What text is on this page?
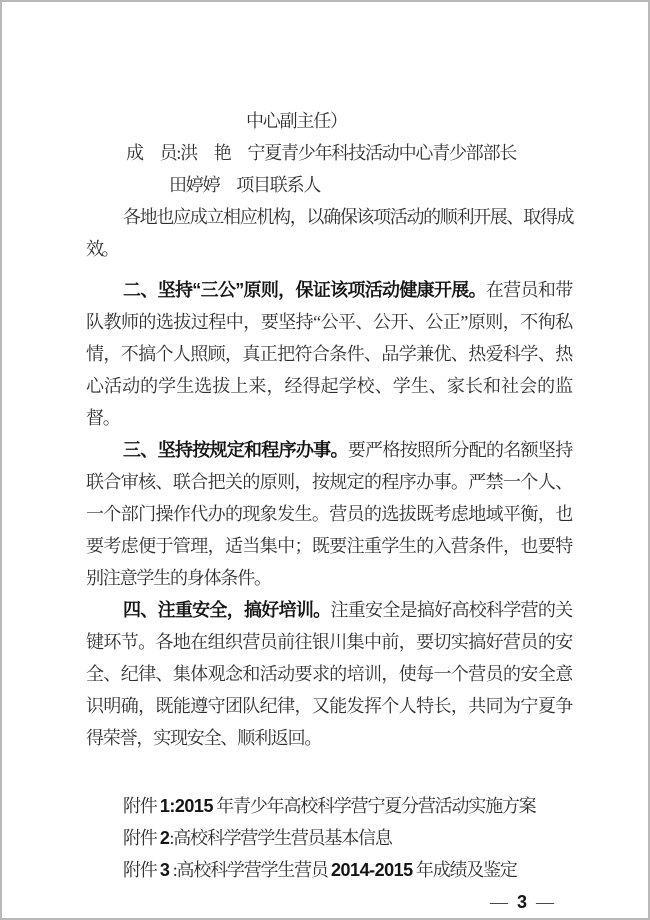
中心副主任）
成　员:洪　艳　宁夏青少年科技活动中心青少部部长
田婷婷　项目联系人

各地也应成立相应机构，以确保该项活动的顺利开展、取得成效。

二、坚持“三公”原则，保证该项活动健康开展。在营员和带队教师的选拔过程中，要坚持“公平、公开、公正”原则，不徇私情，不搞个人照顾，真正把符合条件、品学兼优、热爱科学、热心活动的学生选拔上来，经得起学校、学生、家长和社会的监督。

三、坚持按规定和程序办事。要严格按照所分配的名额坚持联合审核、联合把关的原则，按规定的程序办事。严禁一个人、一个部门操作代办的现象发生。营员的选拔既考虑地域平衡，也要考虑便于管理，适当集中；既要注重学生的入营条件，也要特别注意学生的身体条件。

四、注重安全，搞好培训。注重安全是搞好高校科学营的关键环节。各地在组织营员前往银川集中前，要切实搞好营员的安全、纪律、集体观念和活动要求的培训，使每一个营员的安全意识明确，既能遵守团队纪律，又能发挥个人特长，共同为宁夏争得荣誉，实现安全、顺利返回。

附件 1:2015 年青少年高校科学营宁夏分营活动实施方案
附件 2:高校科学营学生营员基本信息
附件 3 :高校科学营学生营员 2014-2015 年成绩及鉴定
— 3 —
